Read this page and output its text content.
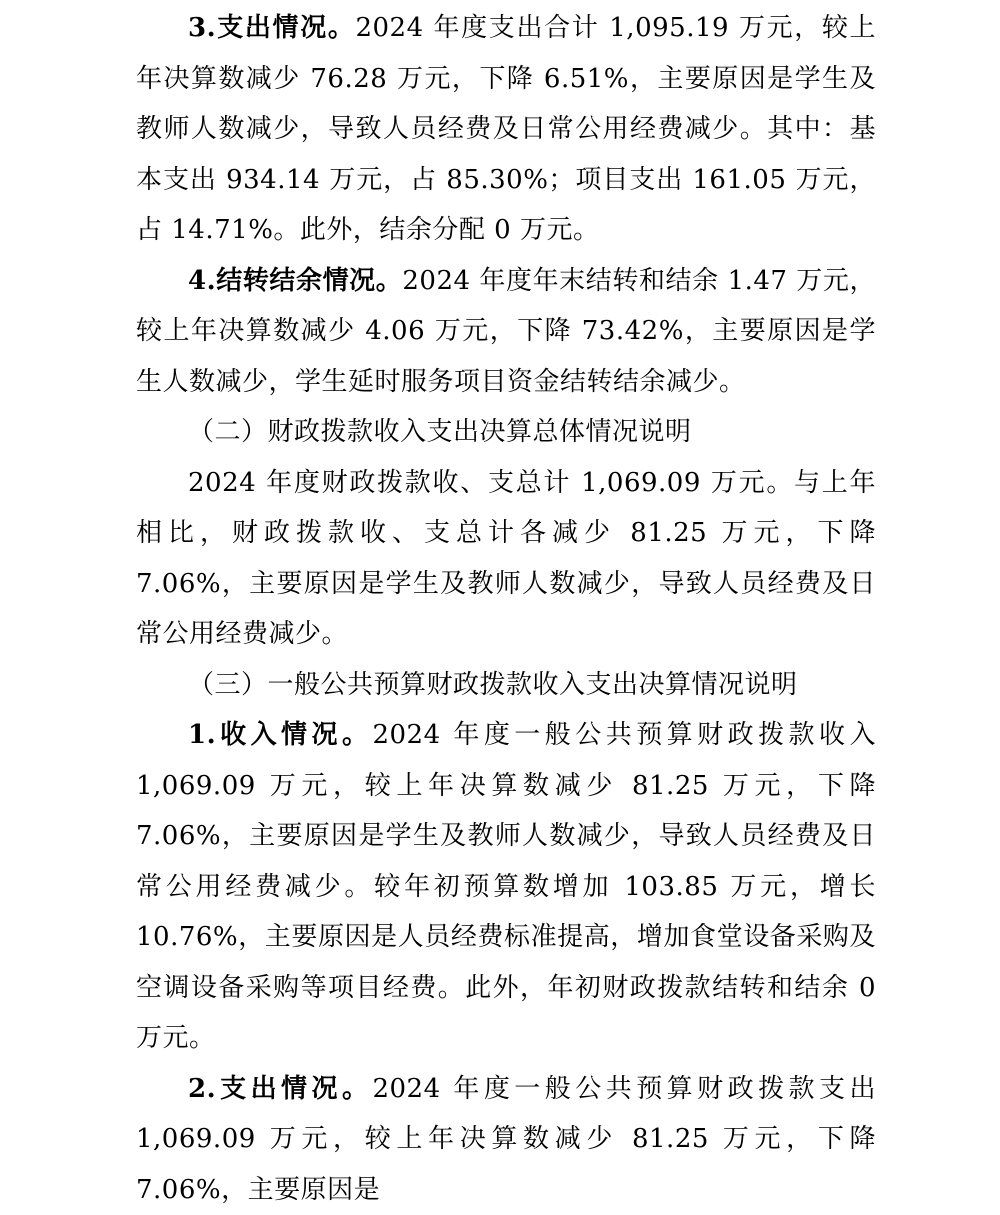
3.支出情况。2024 年度支出合计 1,095.19 万元，较上年决算数减少 76.28 万元，下降 6.51%，主要原因是学生及教师人数减少，导致人员经费及日常公用经费减少。其中：基本支出 934.14 万元，占 85.30%；项目支出 161.05 万元，占 14.71%。此外，结余分配 0 万元。

4.结转结余情况。2024 年度年末结转和结余 1.47 万元，较上年决算数减少 4.06 万元，下降 73.42%，主要原因是学生人数减少，学生延时服务项目资金结转结余减少。

（二）财政拨款收入支出决算总体情况说明

2024 年度财政拨款收、支总计 1,069.09 万元。与上年相比，财政拨款收、支总计各减少 81.25 万元，下降 7.06%，主要原因是学生及教师人数减少，导致人员经费及日常公用经费减少。

（三）一般公共预算财政拨款收入支出决算情况说明

1.收入情况。2024 年度一般公共预算财政拨款收入 1,069.09 万元，较上年决算数减少 81.25 万元，下降 7.06%，主要原因是学生及教师人数减少，导致人员经费及日常公用经费减少。较年初预算数增加 103.85 万元，增长 10.76%，主要原因是人员经费标准提高，增加食堂设备采购及空调设备采购等项目经费。此外，年初财政拨款结转和结余 0 万元。

2.支出情况。2024 年度一般公共预算财政拨款支出 1,069.09 万元，较上年决算数减少 81.25 万元，下降 7.06%，主要原因是
